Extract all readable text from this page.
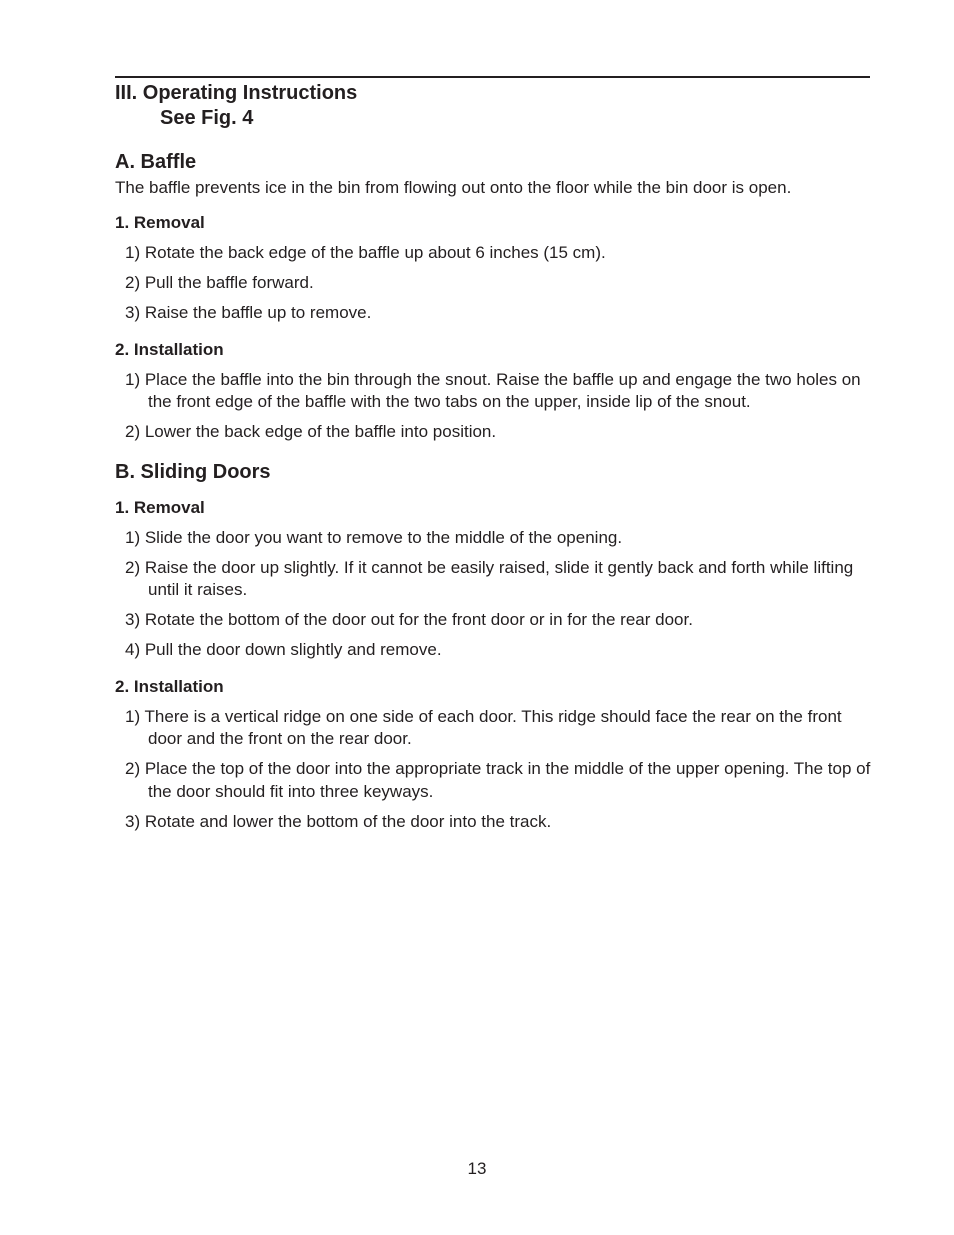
III. Operating Instructions

See Fig. 4

A. Baffle

The baffle prevents ice in the bin from flowing out onto the floor while the bin door is open.

1. Removal

1) Rotate the back edge of the baffle up about 6 inches (15 cm).
2) Pull the baffle forward.
3) Raise the baffle up to remove.

2. Installation

1) Place the baffle into the bin through the snout. Raise the baffle up and engage the two holes on the front edge of the baffle with the two tabs on the upper, inside lip of the snout.
2) Lower the back edge of the baffle into position.

B. Sliding Doors

1. Removal

1) Slide the door you want to remove to the middle of the opening.
2) Raise the door up slightly. If it cannot be easily raised, slide it gently back and forth while lifting until it raises.
3) Rotate the bottom of the door out for the front door or in for the rear door.
4) Pull the door down slightly and remove.

2. Installation

1) There is a vertical ridge on one side of each door. This ridge should face the rear on the front door and the front on the rear door.
2) Place the top of the door into the appropriate track in the middle of the upper opening. The top of the door should fit into three keyways.
3) Rotate and lower the bottom of the door into the track.
13
